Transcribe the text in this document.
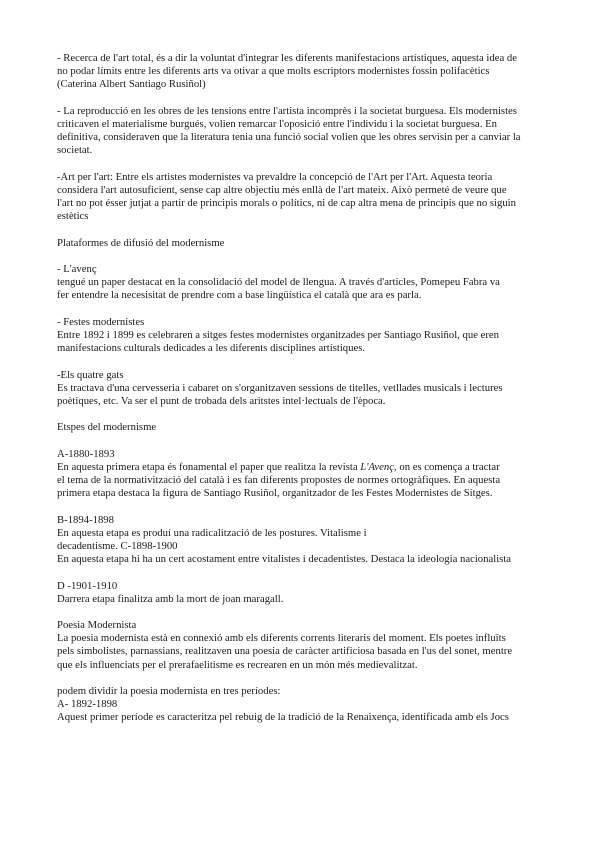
- Recerca de l'art total, és a dir la voluntat d'integrar les diferents manifestacions artístiques, aquesta idea de
no podar límits entre les diferents arts va otivar a que molts escriptors modernistes fossin polifacètics
(Caterina Albert Santiago Rusiñol)
- La reproducció en les obres de les tensions entre l'artista incomprès i la societat burguesa. Els modernistes
criticaven el materialisme burgués, volien remarcar l'oposició entre l'individu i la societat burguesa. En
definitiva, consideraven que la literatura tenia una funció social volien que les obres servisin per a canviar la
societat.
-Art per l'art: Entre els artistes modernistes va prevaldre la concepció de l'Art per l'Art. Aquesta teoria
considera l'art autosuficient, sense cap altre objectiu més enllà de l'art mateix. Això permeté de veure que
l'art no pot ésser jutjat a partir de principis morals o polítics, ni de cap altra mena de principis que no siguin
estètics
Plataformes de difusió del modernisme
- L'avenç
tengué un paper destacat en la consolidació del model de llengua. A través d'articles, Pomepeu Fabra va
fer entendre la necesisitat de prendre com a base lingüística el català que ara es parla.
- Festes modernistes
Entre 1892 i 1899 es celebraren a sitges festes modernistes organitzades per Santiago Rusiñol, que eren
manifestacions culturals dedicades a les diferents disciplines artístiques.
-Els quatre gats
Es tractava d'una cervesseria i cabaret on s'organitzaven sessions de titelles, vetllades musicals i lectures
poètiques, etc. Va ser el punt de trobada dels aritstes intel·lectuals de l'època.
Etspes del modernisme
A-1880-1893
En aquesta primera etapa és fonamental el paper que realitza la revista L'Avenç, on es comença a tractar
el tema de la normativització del català i es fan diferents propostes de normes ortogràfiques. En aquesta
primera etapa destaca la figura de Santiago Rusiñol, organitzador de les Festes Modernistes de Sitges.
B-1894-1898
En aquesta etapa es produí una radicalització de les postures. Vitalisme i
decadentisme. C-1898-1900
En aquesta etapa hi ha un cert acostament entre vitalistes i decadentistes. Destaca la ideologia nacionalista
D -1901-1910
Darrera etapa finalitza amb la mort de joan maragall.
Poesia Modernista
La poesia modernista està en connexió amb els diferents corrents literaris del moment. Els poetes influïts
pels simbolistes, parnassians, realitzaven una poesia de caràcter artificiosa basada en l'us del sonet, mentre
que els influenciats per el prerafaelitisme es recrearen en un món més medievalitzat.
podem dividir la poesia modernista en tres períodes:
A- 1892-1898
Aquest primer període es caracteritza pel rebuig de la tradició de la Renaixença, identificada amb els Jocs
